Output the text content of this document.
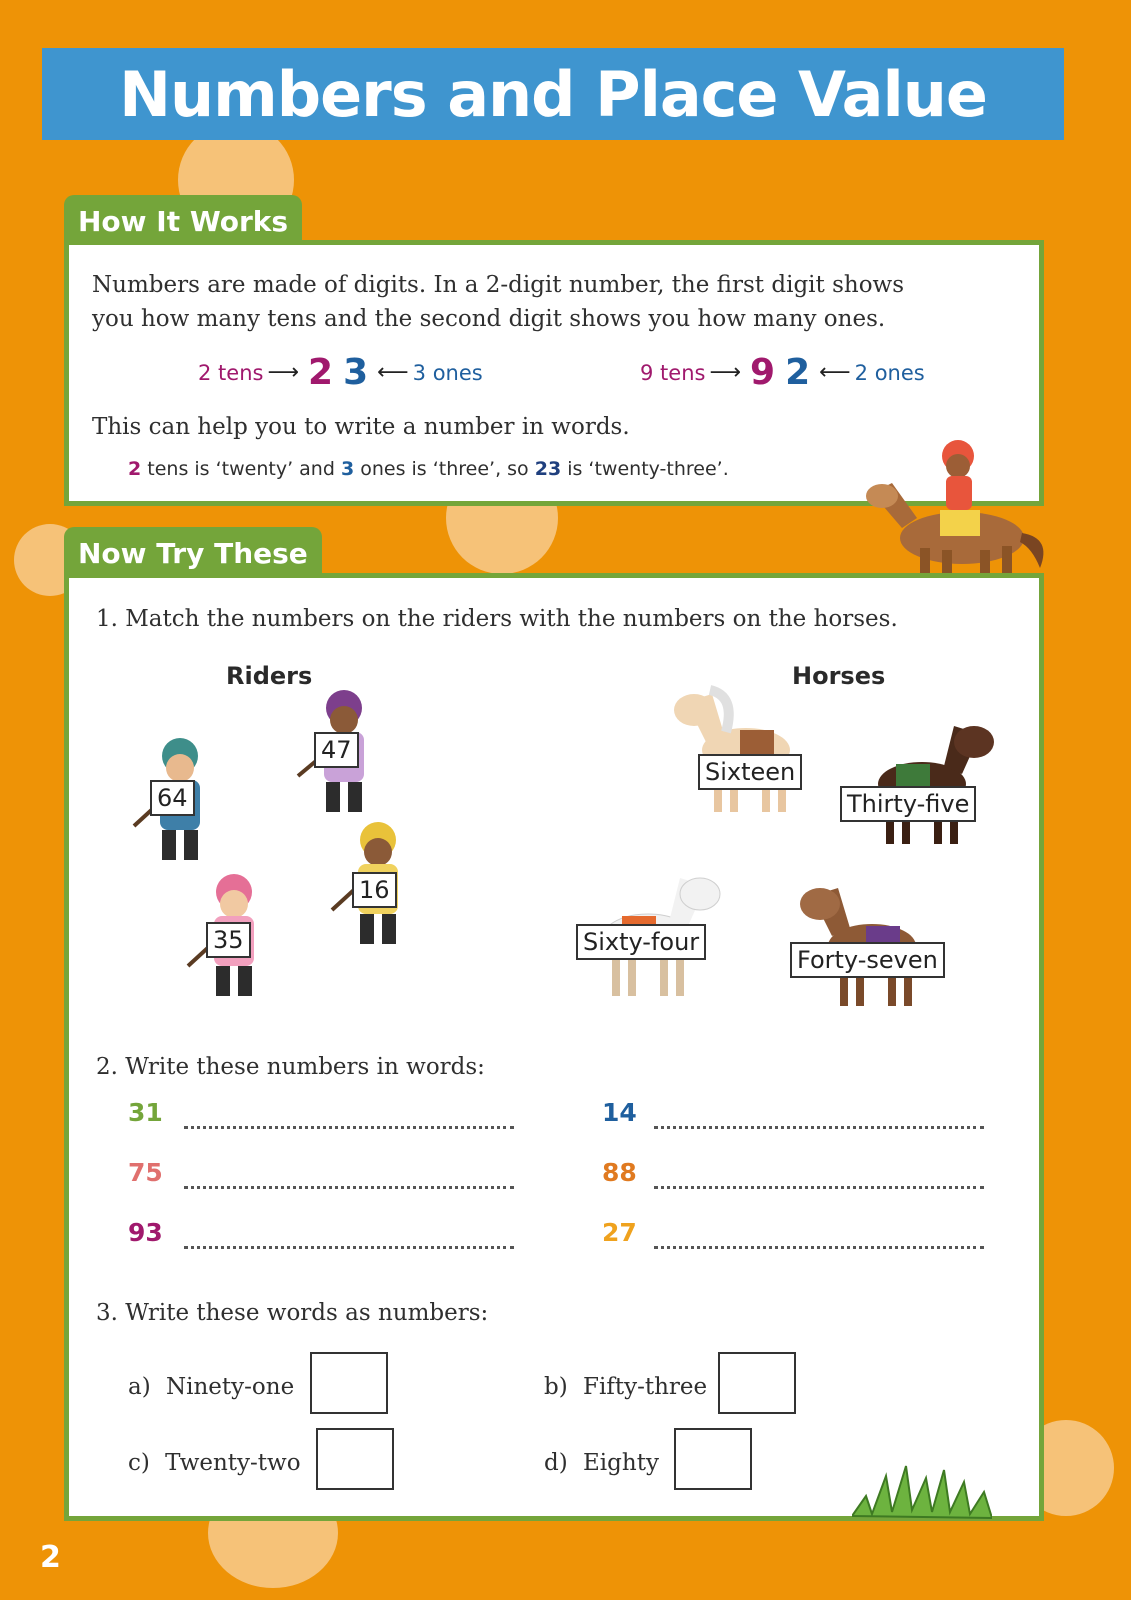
Numbers and Place Value
How It Works
Numbers are made of digits. In a 2-digit number, the first digit shows
you how many tens and the second digit shows you how many ones.
2 tens ⟶ 2 3 ⟵ 3 ones	9 tens ⟶ 9 2 ⟵ 2 ones
This can help you to write a number in words.
2 tens is ‘twenty’ and 3 ones is ‘three’, so 23 is ‘twenty-three’.
Now Try These
1. Match the numbers on the riders with the numbers on the horses.
Riders	Horses
64
47
35
16
Sixteen
Thirty-five
Sixty-four
Forty-seven
2. Write these numbers in words:
31	14
75	88
93	27
3. Write these words as numbers:
a) Ninety-one	b) Fifty-three
c) Twenty-two	d) Eighty
2
